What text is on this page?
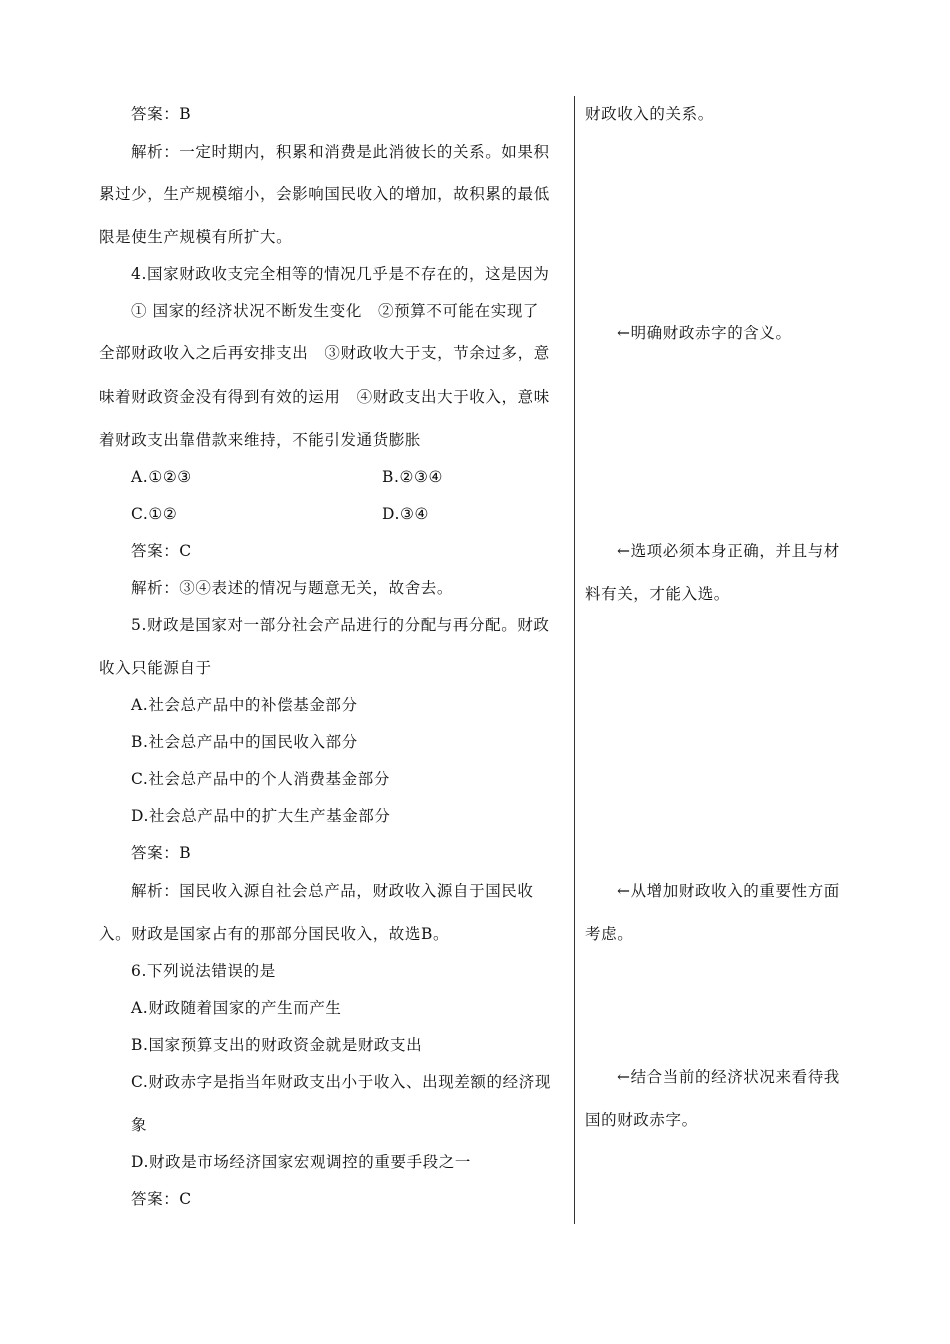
答案：B
解析：一定时期内，积累和消费是此消彼长的关系。如果积
累过少，生产规模缩小，会影响国民收入的增加，故积累的最低
限是使生产规模有所扩大。
4.国家财政收支完全相等的情况几乎是不存在的，这是因为
① 国家的经济状况不断发生变化　②预算不可能在实现了
全部财政收入之后再安排支出　③财政收大于支，节余过多，意
味着财政资金没有得到有效的运用　④财政支出大于收入，意味
着财政支出靠借款来维持，不能引发通货膨胀
A.①②③	B.②③④
C.①②	D.③④
答案：C
解析：③④表述的情况与题意无关，故舍去。
5.财政是国家对一部分社会产品进行的分配与再分配。财政
收入只能源自于
A.社会总产品中的补偿基金部分
B.社会总产品中的国民收入部分
C.社会总产品中的个人消费基金部分
D.社会总产品中的扩大生产基金部分
答案：B
解析：国民收入源自社会总产品，财政收入源自于国民收
入。财政是国家占有的那部分国民收入，故选B。
6.下列说法错误的是
A.财政随着国家的产生而产生
B.国家预算支出的财政资金就是财政支出
C.财政赤字是指当年财政支出小于收入、出现差额的经济现
象
D.财政是市场经济国家宏观调控的重要手段之一
答案：C
财政收入的关系。
←明确财政赤字的含义。
←选项必须本身正确，并且与材
料有关，才能入选。
←从增加财政收入的重要性方面
考虑。
←结合当前的经济状况来看待我
国的财政赤字。
